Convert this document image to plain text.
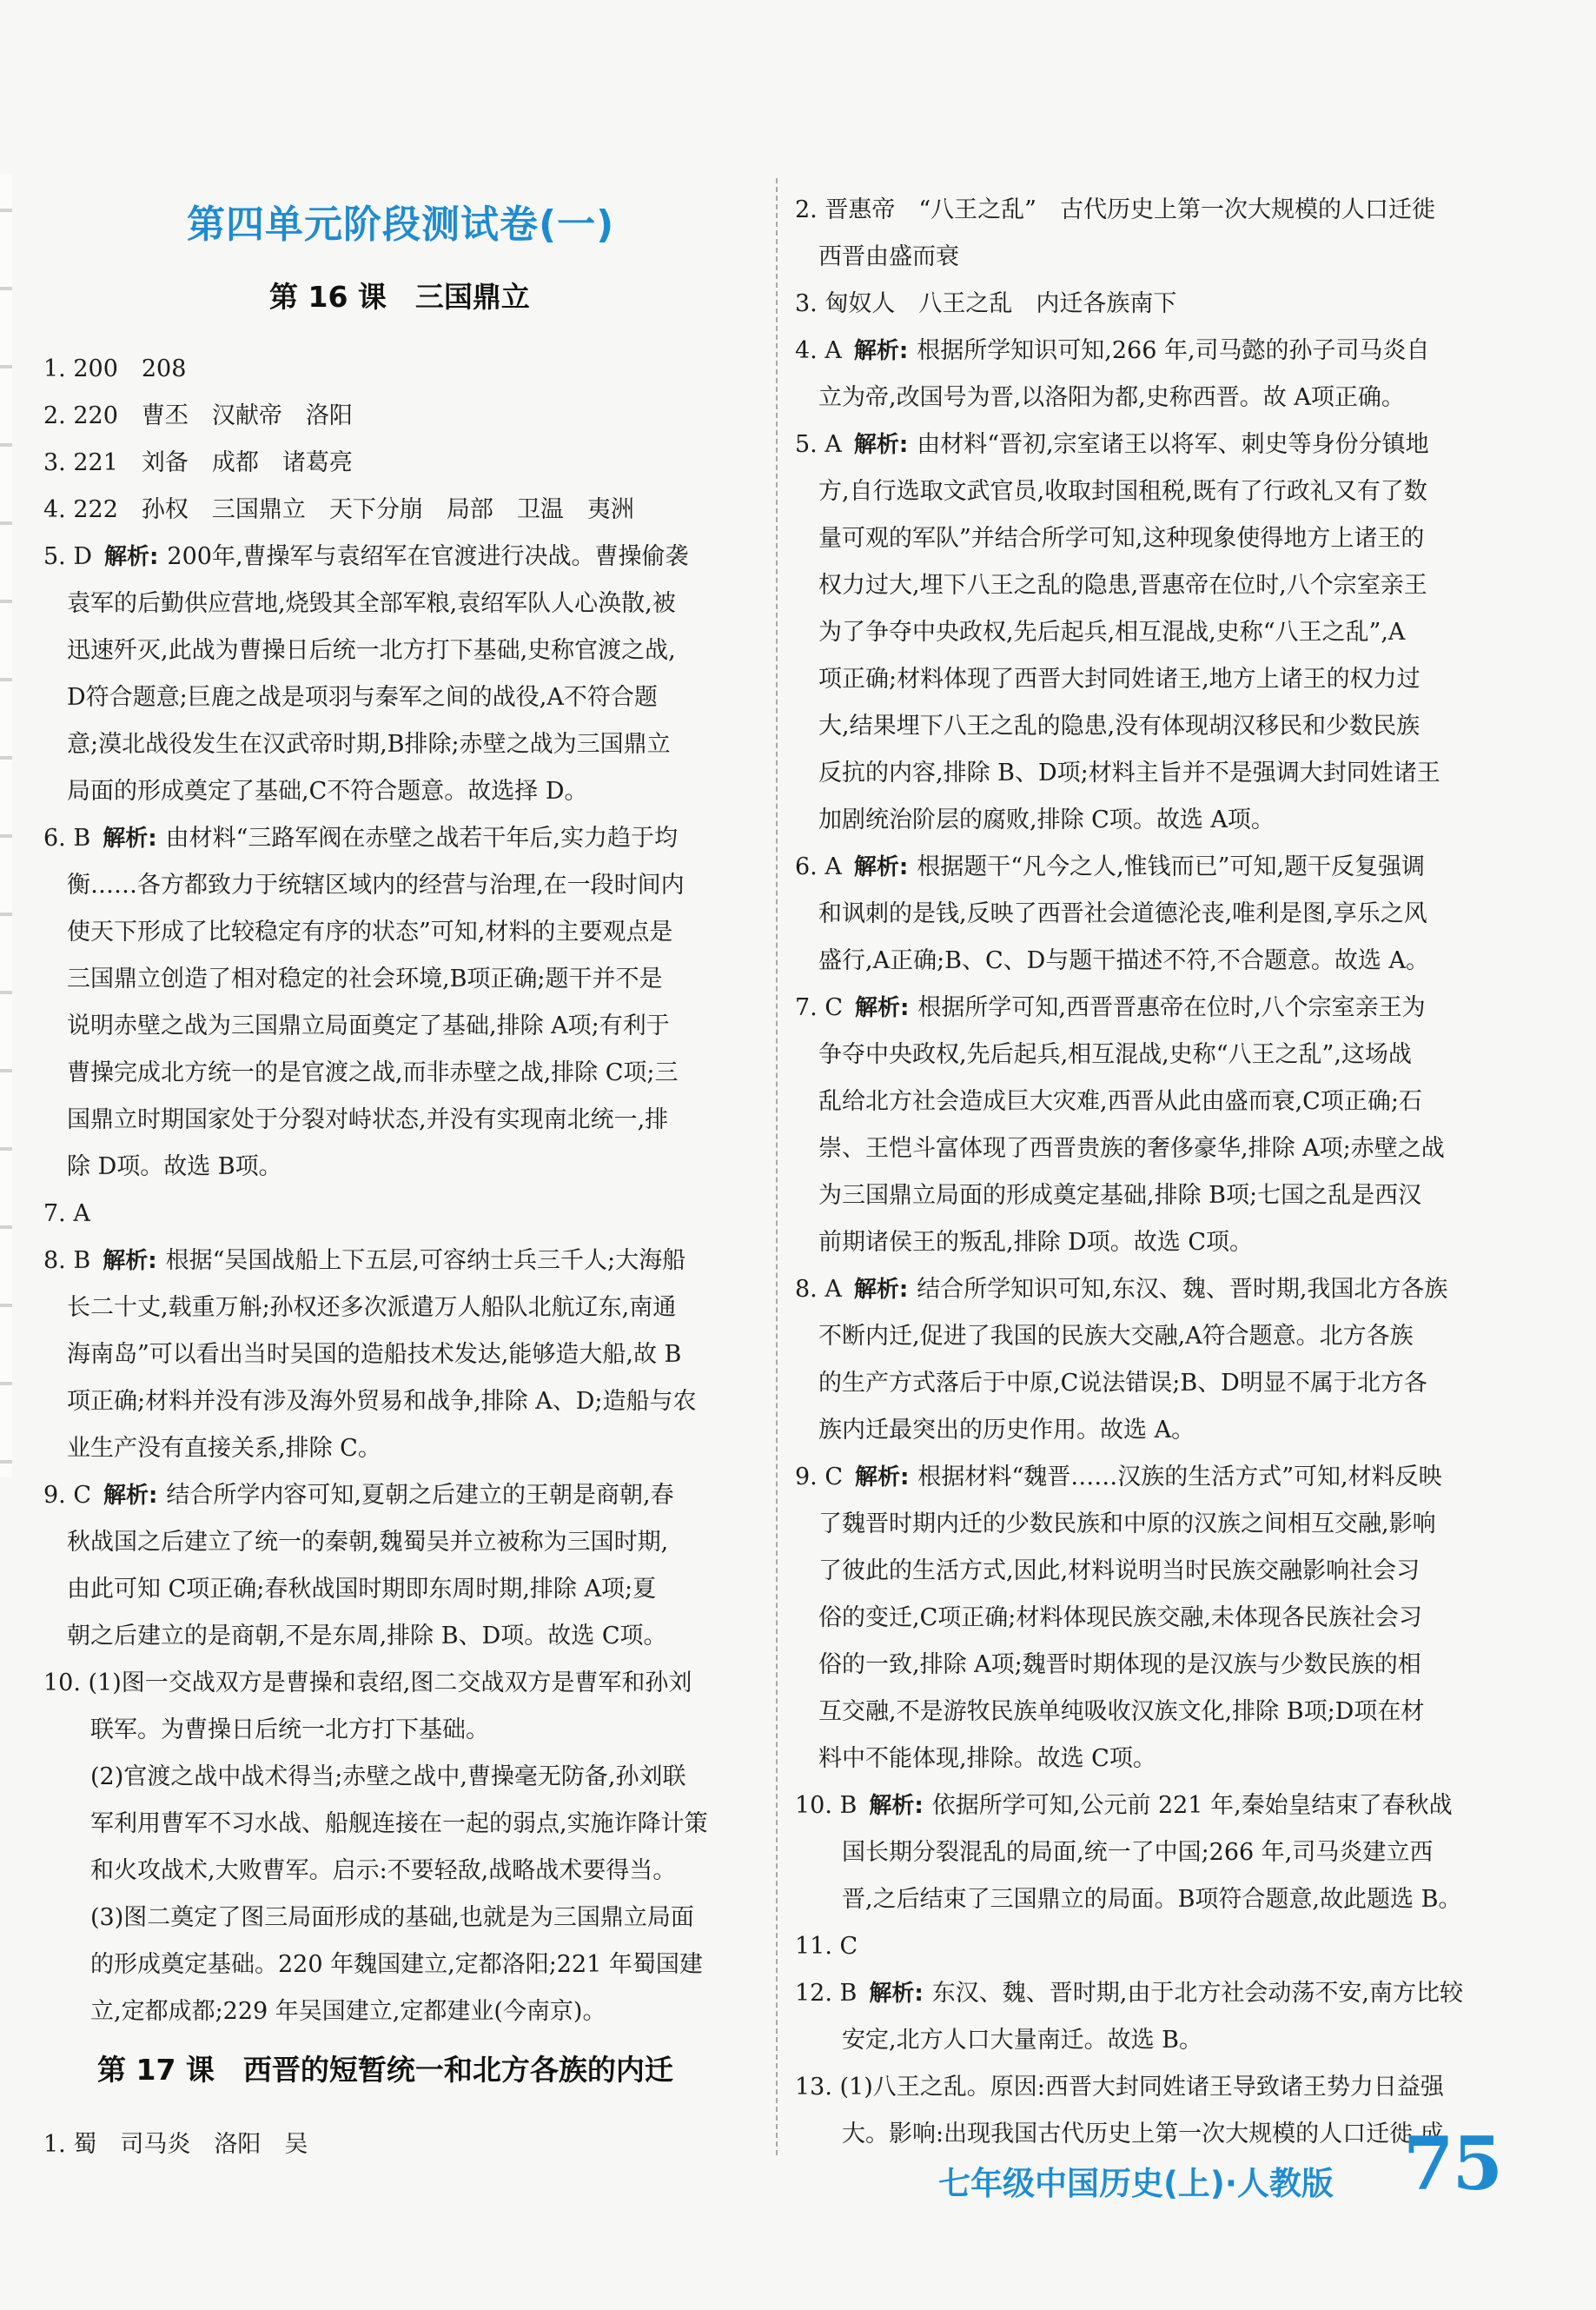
第四单元阶段测试卷(一)
第 16 课　三国鼎立
1. 200　208
2. 220　曹丕　汉献帝　洛阳
3. 221　刘备　成都　诸葛亮
4. 222　孙权　三国鼎立　天下分崩　局部　卫温　夷洲
5. D 解析: 200年,曹操军与袁绍军在官渡进行决战。曹操偷袭
　袁军的后勤供应营地,烧毁其全部军粮,袁绍军队人心涣散,被
　迅速歼灭,此战为曹操日后统一北方打下基础,史称官渡之战,
　D符合题意;巨鹿之战是项羽与秦军之间的战役,A不符合题
　意;漠北战役发生在汉武帝时期,B排除;赤壁之战为三国鼎立
　局面的形成奠定了基础,C不符合题意。故选择 D。
6. B 解析: 由材料“三路军阀在赤壁之战若干年后,实力趋于均
　衡……各方都致力于统辖区域内的经营与治理,在一段时间内
　使天下形成了比较稳定有序的状态”可知,材料的主要观点是
　三国鼎立创造了相对稳定的社会环境,B项正确;题干并不是
　说明赤壁之战为三国鼎立局面奠定了基础,排除 A项;有利于
　曹操完成北方统一的是官渡之战,而非赤壁之战,排除 C项;三
　国鼎立时期国家处于分裂对峙状态,并没有实现南北统一,排
　除 D项。故选 B项。
7. A
8. B 解析: 根据“吴国战船上下五层,可容纳士兵三千人;大海船
　长二十丈,载重万斛;孙权还多次派遣万人船队北航辽东,南通
　海南岛”可以看出当时吴国的造船技术发达,能够造大船,故 B
　项正确;材料并没有涉及海外贸易和战争,排除 A、D;造船与农
　业生产没有直接关系,排除 C。
9. C 解析: 结合所学内容可知,夏朝之后建立的王朝是商朝,春
　秋战国之后建立了统一的秦朝,魏蜀吴并立被称为三国时期,
　由此可知 C项正确;春秋战国时期即东周时期,排除 A项;夏
　朝之后建立的是商朝,不是东周,排除 B、D项。故选 C项。
10. (1)图一交战双方是曹操和袁绍,图二交战双方是曹军和孙刘
　　联军。为曹操日后统一北方打下基础。
　　(2)官渡之战中战术得当;赤壁之战中,曹操毫无防备,孙刘联
　　军利用曹军不习水战、船舰连接在一起的弱点,实施诈降计策
　　和火攻战术,大败曹军。启示:不要轻敌,战略战术要得当。
　　(3)图二奠定了图三局面形成的基础,也就是为三国鼎立局面
　　的形成奠定基础。220 年魏国建立,定都洛阳;221 年蜀国建
　　立,定都成都;229 年吴国建立,定都建业(今南京)。
第 17 课　西晋的短暂统一和北方各族的内迁
1. 蜀　司马炎　洛阳　吴
2. 晋惠帝　“八王之乱”　古代历史上第一次大规模的人口迁徙
　西晋由盛而衰
3. 匈奴人　八王之乱　内迁各族南下
4. A 解析: 根据所学知识可知,266 年,司马懿的孙子司马炎自
　立为帝,改国号为晋,以洛阳为都,史称西晋。故 A项正确。
5. A 解析: 由材料“晋初,宗室诸王以将军、刺史等身份分镇地
　方,自行选取文武官员,收取封国租税,既有了行政礼又有了数
　量可观的军队”并结合所学可知,这种现象使得地方上诸王的
　权力过大,埋下八王之乱的隐患,晋惠帝在位时,八个宗室亲王
　为了争夺中央政权,先后起兵,相互混战,史称“八王之乱”,A
　项正确;材料体现了西晋大封同姓诸王,地方上诸王的权力过
　大,结果埋下八王之乱的隐患,没有体现胡汉移民和少数民族
　反抗的内容,排除 B、D项;材料主旨并不是强调大封同姓诸王
　加剧统治阶层的腐败,排除 C项。故选 A项。
6. A 解析: 根据题干“凡今之人,惟钱而已”可知,题干反复强调
　和讽刺的是钱,反映了西晋社会道德沦丧,唯利是图,享乐之风
　盛行,A正确;B、C、D与题干描述不符,不合题意。故选 A。
7. C 解析: 根据所学可知,西晋晋惠帝在位时,八个宗室亲王为
　争夺中央政权,先后起兵,相互混战,史称“八王之乱”,这场战
　乱给北方社会造成巨大灾难,西晋从此由盛而衰,C项正确;石
　崇、王恺斗富体现了西晋贵族的奢侈豪华,排除 A项;赤壁之战
　为三国鼎立局面的形成奠定基础,排除 B项;七国之乱是西汉
　前期诸侯王的叛乱,排除 D项。故选 C项。
8. A 解析: 结合所学知识可知,东汉、魏、晋时期,我国北方各族
　不断内迁,促进了我国的民族大交融,A符合题意。北方各族
　的生产方式落后于中原,C说法错误;B、D明显不属于北方各
　族内迁最突出的历史作用。故选 A。
9. C 解析: 根据材料“魏晋……汉族的生活方式”可知,材料反映
　了魏晋时期内迁的少数民族和中原的汉族之间相互交融,影响
　了彼此的生活方式,因此,材料说明当时民族交融影响社会习
　俗的变迁,C项正确;材料体现民族交融,未体现各民族社会习
　俗的一致,排除 A项;魏晋时期体现的是汉族与少数民族的相
　互交融,不是游牧民族单纯吸收汉族文化,排除 B项;D项在材
　料中不能体现,排除。故选 C项。
10. B 解析: 依据所学可知,公元前 221 年,秦始皇结束了春秋战
　　国长期分裂混乱的局面,统一了中国;266 年,司马炎建立西
　　晋,之后结束了三国鼎立的局面。B项符合题意,故此题选 B。
11. C
12. B 解析: 东汉、魏、晋时期,由于北方社会动荡不安,南方比较
　　安定,北方人口大量南迁。故选 B。
13. (1)八王之乱。原因:西晋大封同姓诸王导致诸王势力日益强
　　大。影响:出现我国古代历史上第一次大规模的人口迁徙,成
七年级中国历史(上)·人教版 75
